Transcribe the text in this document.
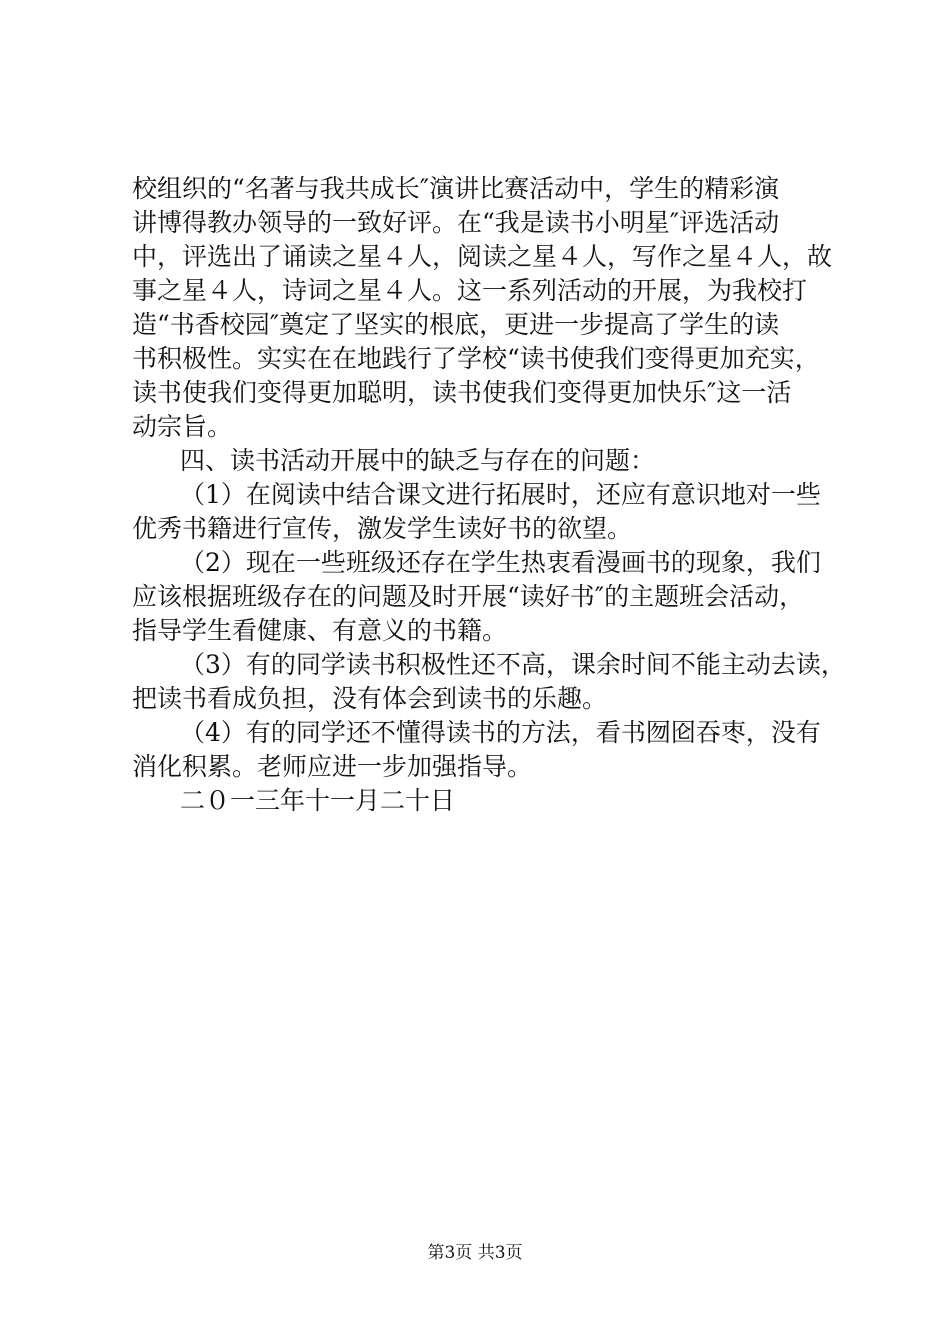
校组织的“名著与我共成长″演讲比赛活动中，学生的精彩演
讲博得教办领导的一致好评。在“我是读书小明星″评选活动
中，评选出了诵读之星４人，阅读之星４人，写作之星４人，故
事之星４人，诗词之星４人。这一系列活动的开展，为我校打
造“书香校园″奠定了坚实的根底，更进一步提高了学生的读
书积极性。实实在在地践行了学校“读书使我们变得更加充实，
读书使我们变得更加聪明，读书使我们变得更加快乐″这一活
动宗旨。
四、读书活动开展中的缺乏与存在的问题：
（1）在阅读中结合课文进行拓展时，还应有意识地对一些
优秀书籍进行宣传，激发学生读好书的欲望。
（2）现在一些班级还存在学生热衷看漫画书的现象，我们
应该根据班级存在的问题及时开展“读好书″的主题班会活动，
指导学生看健康、有意义的书籍。
（3）有的同学读书积极性还不高，课余时间不能主动去读，
把读书看成负担，没有体会到读书的乐趣。
（4）有的同学还不懂得读书的方法，看书囫囵吞枣，没有
消化积累。老师应进一步加强指导。
二０一三年十一月二十日
第3页 共3页
